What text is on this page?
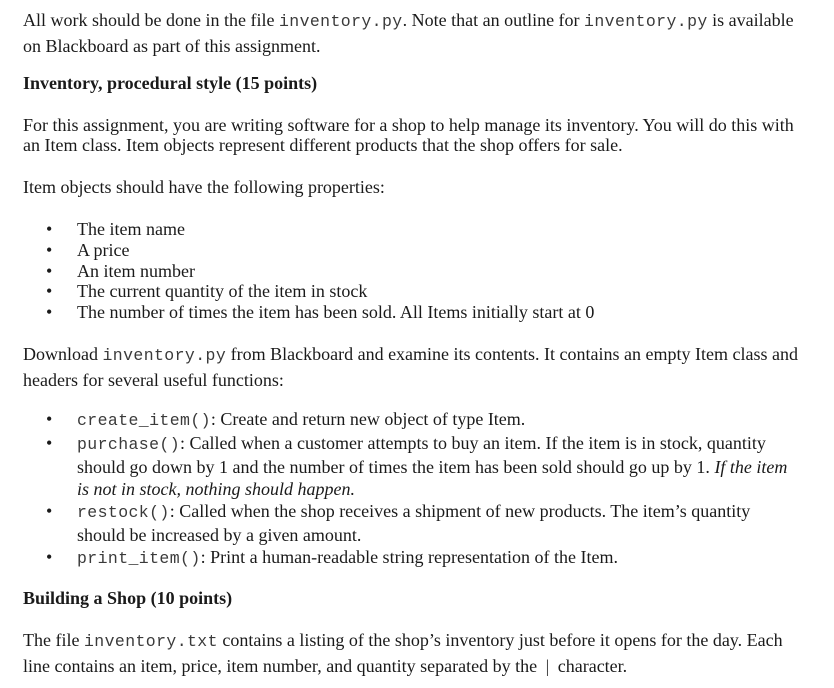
All work should be done in the file inventory.py. Note that an outline for inventory.py is available on Blackboard as part of this assignment.

Inventory, procedural style (15 points)

For this assignment, you are writing software for a shop to help manage its inventory. You will do this with an Item class. Item objects represent different products that the shop offers for sale.

Item objects should have the following properties:

• The item name
• A price
• An item number
• The current quantity of the item in stock
• The number of times the item has been sold. All Items initially start at 0

Download inventory.py from Blackboard and examine its contents. It contains an empty Item class and headers for several useful functions:

• create_item(): Create and return new object of type Item.
• purchase(): Called when a customer attempts to buy an item. If the item is in stock, quantity should go down by 1 and the number of times the item has been sold should go up by 1. If the item is not in stock, nothing should happen.
• restock(): Called when the shop receives a shipment of new products. The item’s quantity should be increased by a given amount.
• print_item(): Print a human-readable string representation of the Item.
Building a Shop (10 points)

The file inventory.txt contains a listing of the shop’s inventory just before it opens for the day. Each line contains an item, price, item number, and quantity separated by the | character.
